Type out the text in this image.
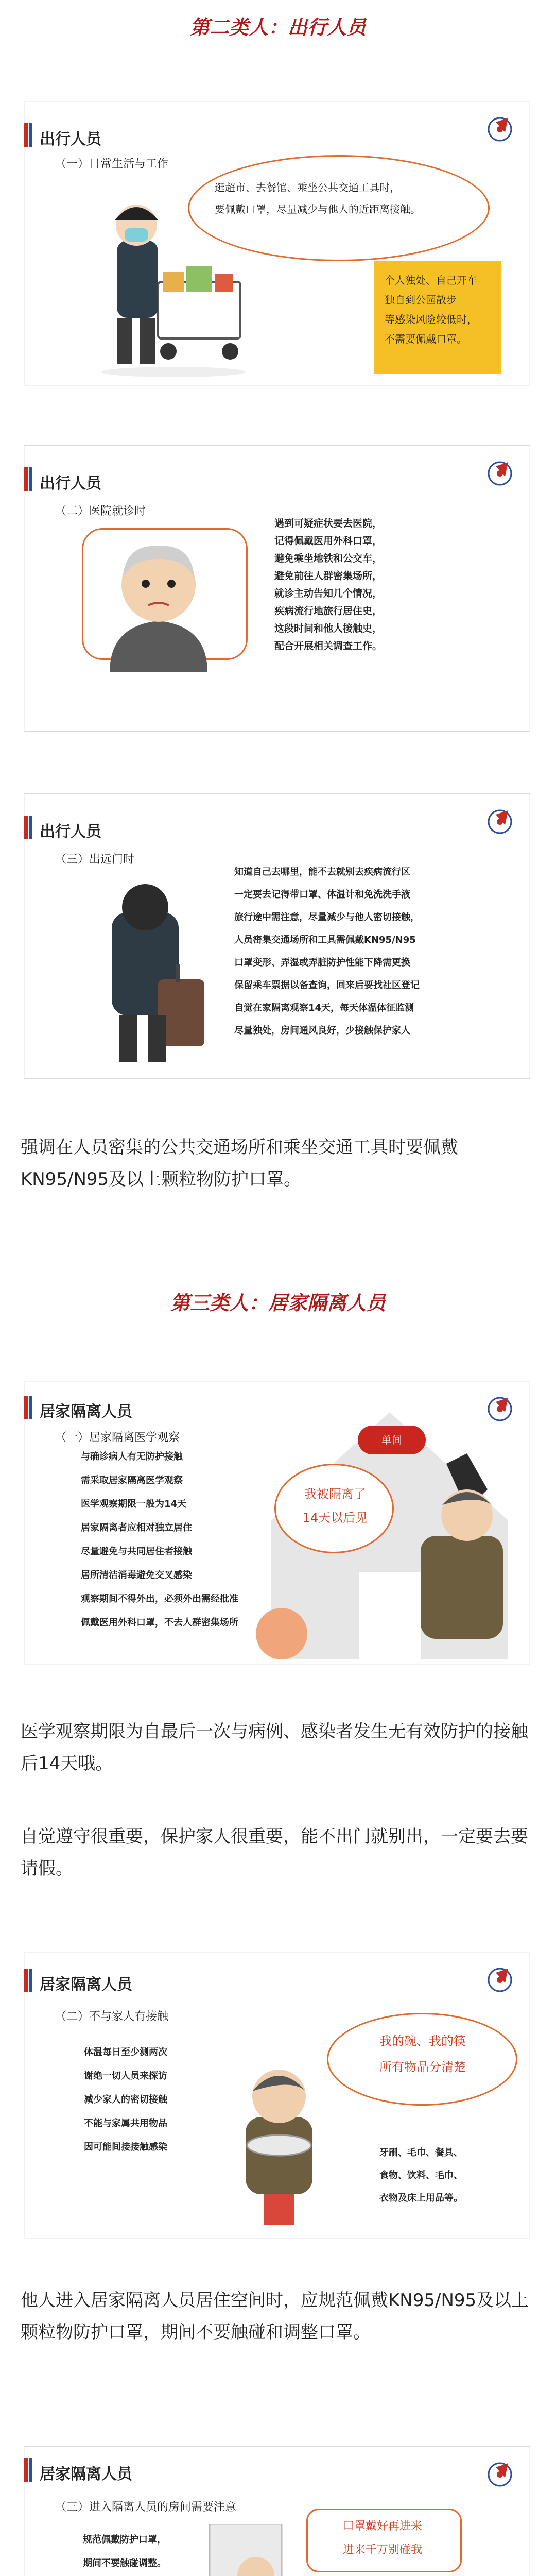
第二类人：出行人员
出行人员
（一）日常生活与工作
逛超市、去餐馆、乘坐公共交通工具时，
要佩戴口罩，尽量减少与他人的近距离接触。
个人独处、自己开车
独自到公园散步
等感染风险较低时，
不需要佩戴口罩。
出行人员
（二）医院就诊时
遇到可疑症状要去医院，
记得佩戴医用外科口罩，
避免乘坐地铁和公交车，
避免前往人群密集场所，
就诊主动告知几个情况，
疾病流行地旅行居住史，
这段时间和他人接触史，
配合开展相关调查工作。
出行人员
（三）出远门时
知道自己去哪里，能不去就别去疾病流行区
一定要去记得带口罩、体温计和免洗洗手液
旅行途中需注意，尽量减少与他人密切接触，
人员密集交通场所和工具需佩戴KN95/N95
口罩变形、弄湿或弄脏防护性能下降需更换
保留乘车票据以备查询，回来后要找社区登记
自觉在家隔离观察14天，每天体温体征监测
尽量独处，房间通风良好，少接触保护家人
强调在人员密集的公共交通场所和乘坐交通工具时要佩戴KN95/N95及以上颗粒物防护口罩。
第三类人：居家隔离人员
居家隔离人员
（一）居家隔离医学观察
与确诊病人有无防护接触
需采取居家隔离医学观察
医学观察期限一般为14天
居家隔离者应相对独立居住
尽量避免与共同居住者接触
居所清洁消毒避免交叉感染
观察期间不得外出，必须外出需经批准
佩戴医用外科口罩，不去人群密集场所
单间
我被隔离了
14天以后见
医学观察期限为自最后一次与病例、感染者发生无有效防护的接触后14天哦。
自觉遵守很重要，保护家人很重要，能不出门就别出，一定要去要请假。
居家隔离人员
（二）不与家人有接触
体温每日至少测两次
谢绝一切人员来探访
减少家人的密切接触
不能与家属共用物品
因可能间接接触感染
我的碗、我的筷
所有物品分清楚
牙刷、毛巾、餐具、
食物、饮料、毛巾、
衣物及床上用品等。
他人进入居家隔离人员居住空间时，应规范佩戴KN95/N95及以上颗粒物防护口罩，期间不要触碰和调整口罩。
居家隔离人员
（三）进入隔离人员的房间需要注意
规范佩戴防护口罩，
期间不要触碰调整。
口罩戴好再进来
进来千万别碰我
